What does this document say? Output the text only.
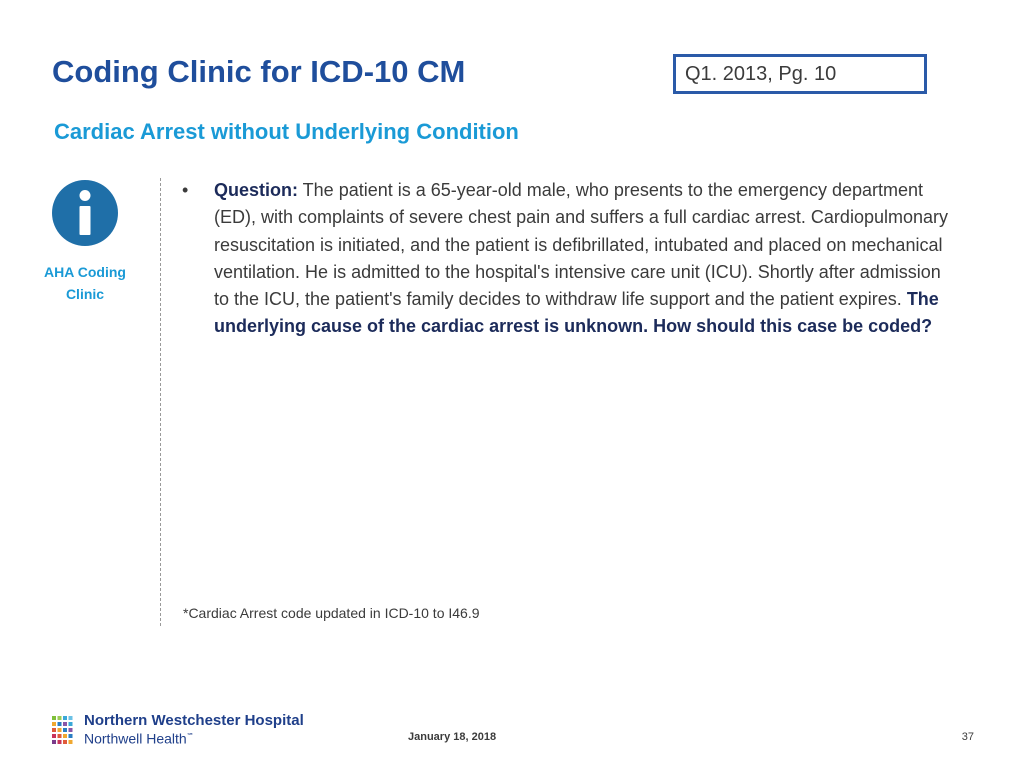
Coding Clinic for ICD-10 CM	Q1. 2013, Pg. 10
Cardiac Arrest without Underlying Condition
AHA Coding
Clinic
• Question: The patient is a 65-year-old male, who presents to the emergency department (ED), with complaints of severe chest pain and suffers a full cardiac arrest. Cardiopulmonary resuscitation is initiated, and the patient is defibrillated, intubated and placed on mechanical ventilation. He is admitted to the hospital's intensive care unit (ICU). Shortly after admission to the ICU, the patient's family decides to withdraw life support and the patient expires. The underlying cause of the cardiac arrest is unknown. How should this case be coded?

*Cardiac Arrest code updated in ICD-10 to I46.9
Northern Westchester Hospital
Northwell Health℠	January 18, 2018	37
